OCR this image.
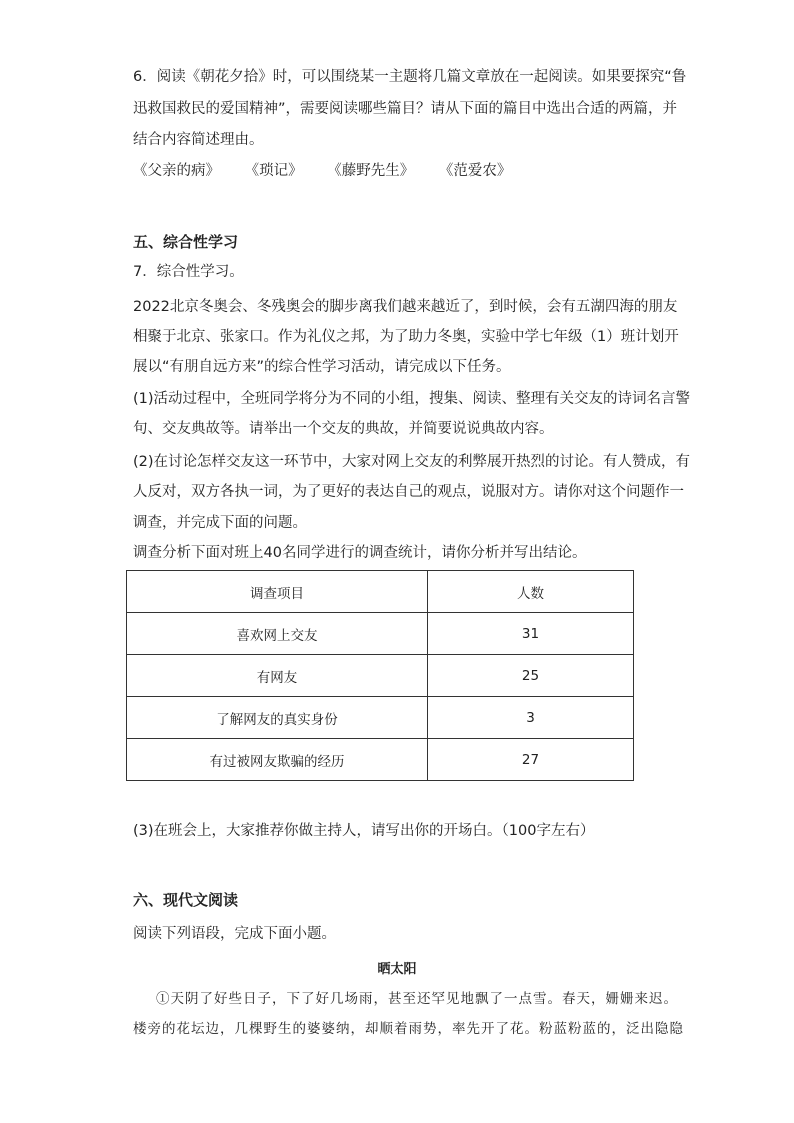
6．阅读《朝花夕拾》时，可以围绕某一主题将几篇文章放在一起阅读。如果要探究“鲁
迅救国救民的爱国精神”，需要阅读哪些篇目？请从下面的篇目中选出合适的两篇，并
结合内容简述理由。
《父亲的病》 《琐记》 《藤野先生》 《范爱农》
五、综合性学习
7．综合性学习。
2022北京冬奥会、冬残奥会的脚步离我们越来越近了，到时候，会有五湖四海的朋友
相聚于北京、张家口。作为礼仪之邦，为了助力冬奥，实验中学七年级（1）班计划开
展以“有朋自远方来”的综合性学习活动，请完成以下任务。
(1)活动过程中，全班同学将分为不同的小组，搜集、阅读、整理有关交友的诗词名言警
句、交友典故等。请举出一个交友的典故，并简要说说典故内容。
(2)在讨论怎样交友这一环节中，大家对网上交友的利弊展开热烈的讨论。有人赞成，有
人反对，双方各执一词，为了更好的表达自己的观点，说服对方。请你对这个问题作一
调查，并完成下面的问题。
调查分析下面对班上40名同学进行的调查统计，请你分析并写出结论。
调查项目	人数
喜欢网上交友	31
有网友	25
了解网友的真实身份	3
有过被网友欺骗的经历	27
(3)在班会上，大家推荐你做主持人，请写出你的开场白。（100字左右）
六、现代文阅读
阅读下列语段，完成下面小题。
晒太阳
①天阴了好些日子，下了好几场雨，甚至还罕见地飘了一点雪。春天，姗姗来迟。
楼旁的花坛边，几棵野生的婆婆纳，却顺着雨势，率先开了花。粉蓝粉蓝的，泛出隐隐
